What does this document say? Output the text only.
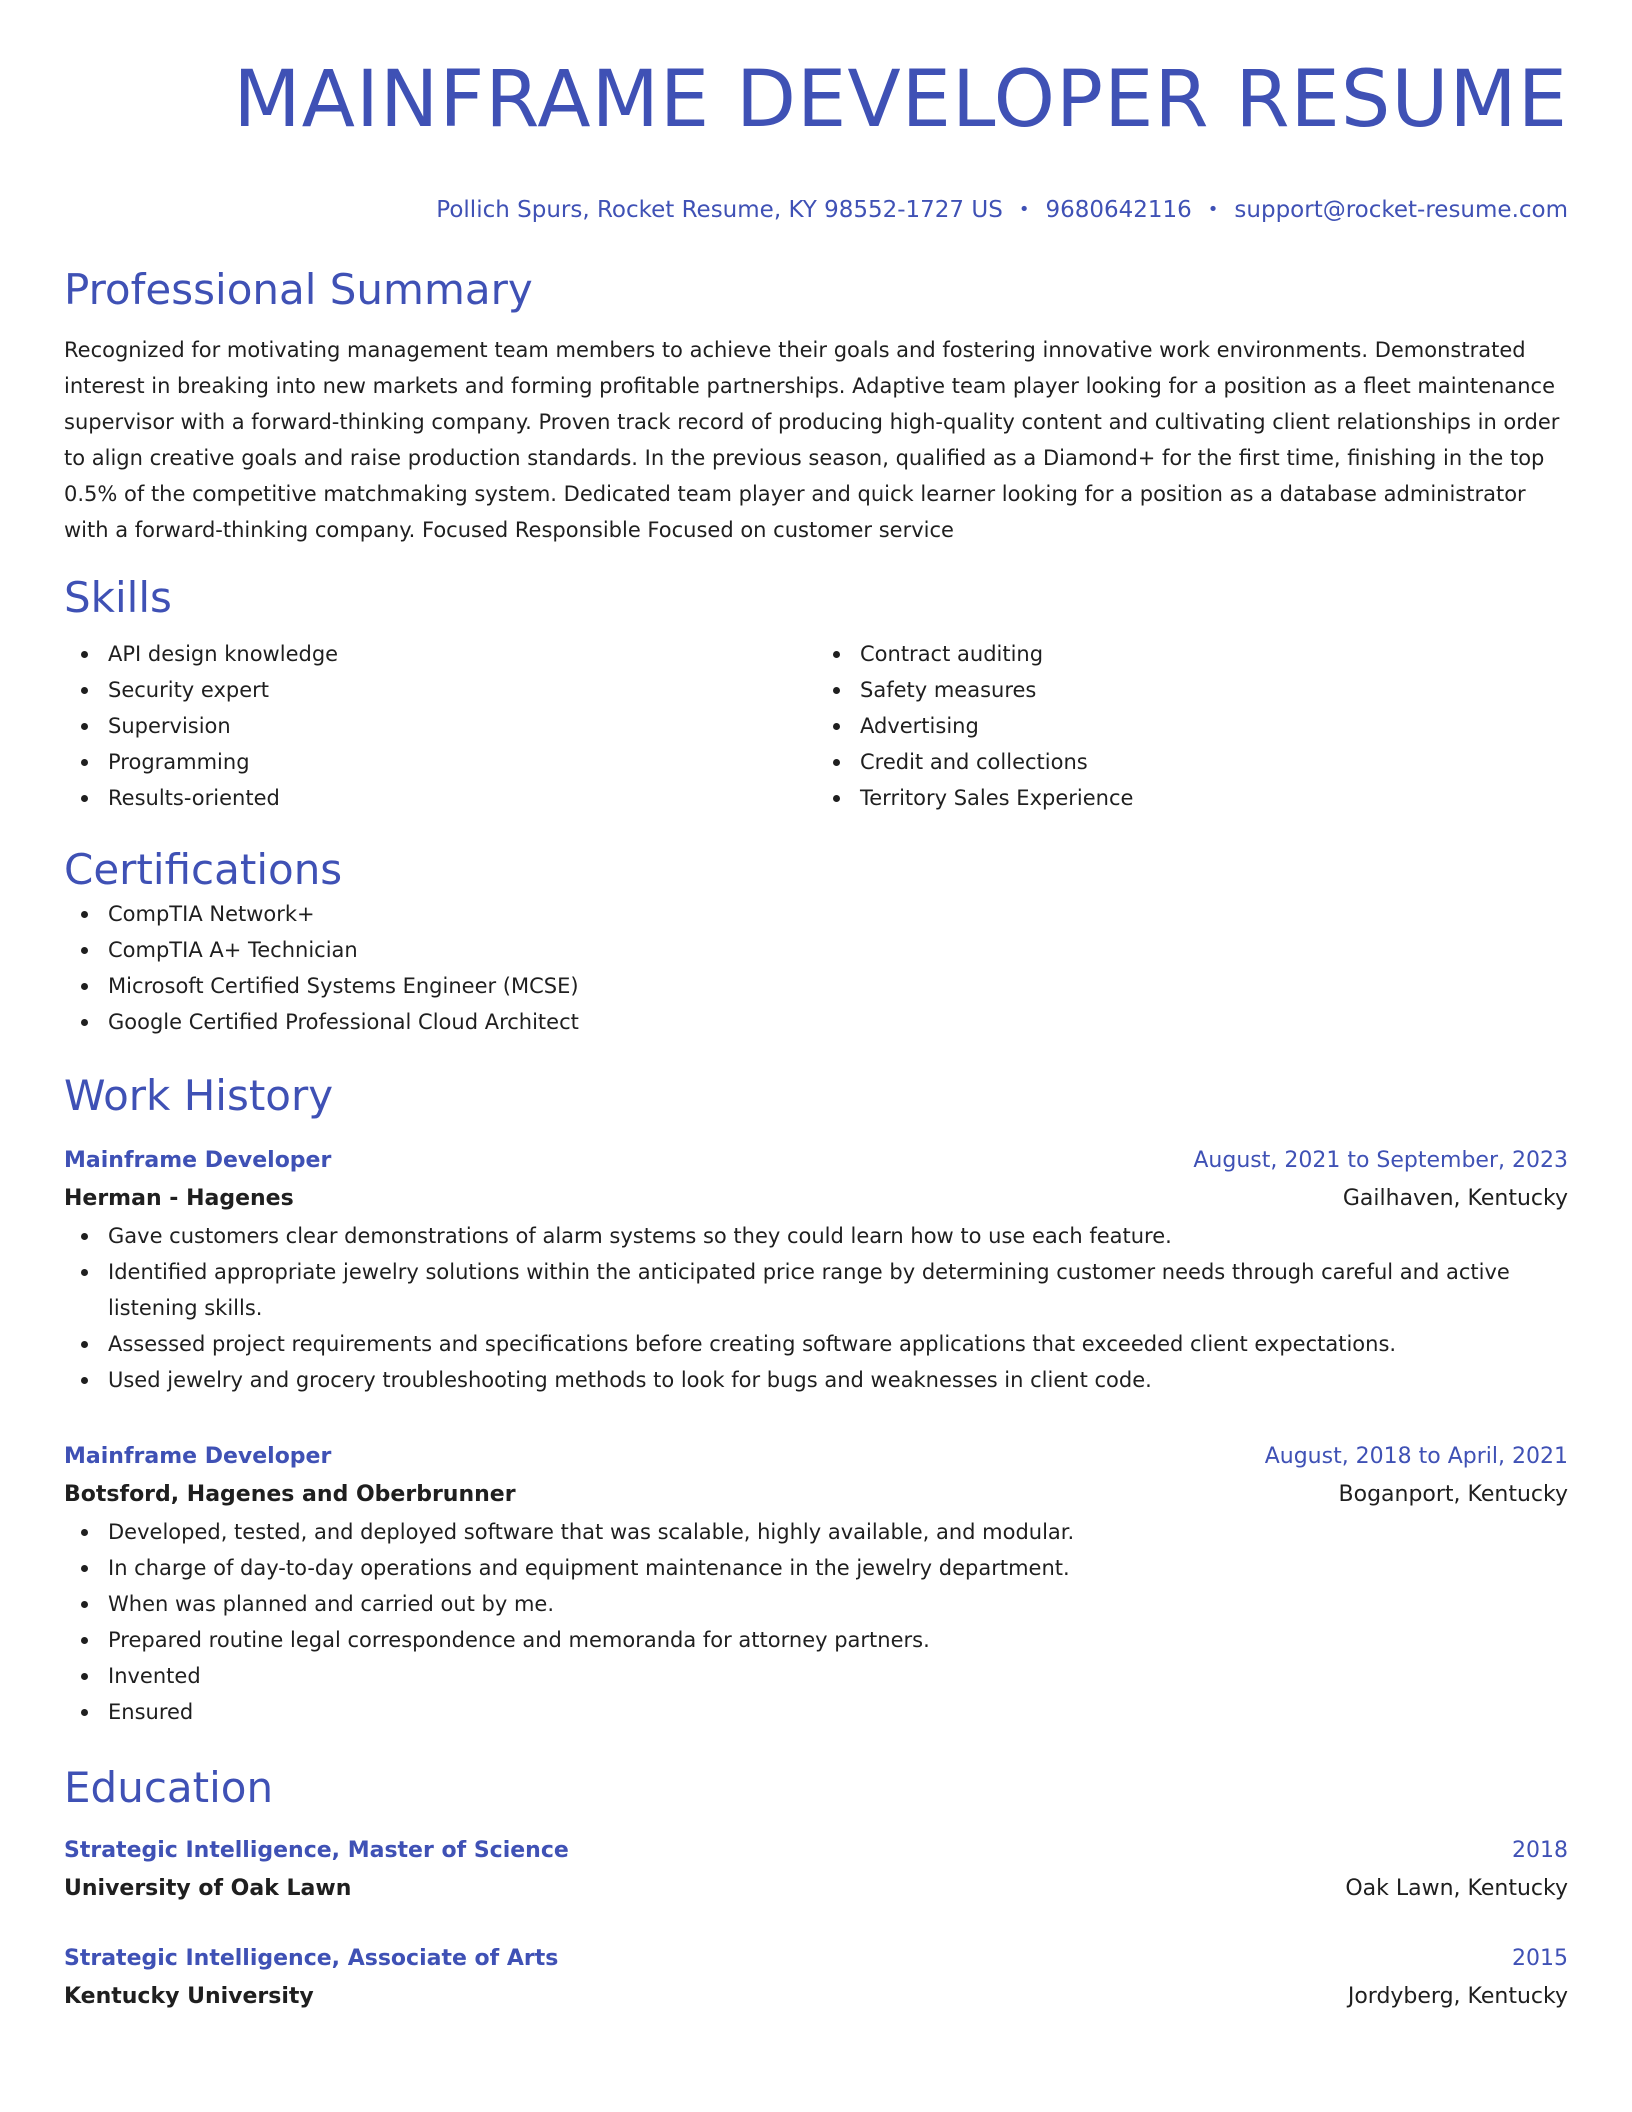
MAINFRAME DEVELOPER RESUME
Pollich Spurs, Rocket Resume, KY 98552-1727 US • 9680642116 • support@rocket-resume.com
Professional Summary

Recognized for motivating management team members to achieve their goals and fostering innovative work environments. Demonstrated interest in breaking into new markets and forming profitable partnerships. Adaptive team player looking for a position as a fleet maintenance supervisor with a forward-thinking company. Proven track record of producing high-quality content and cultivating client relationships in order to align creative goals and raise production standards. In the previous season, qualified as a Diamond+ for the first time, finishing in the top 0.5% of the competitive matchmaking system. Dedicated team player and quick learner looking for a position as a database administrator with a forward-thinking company. Focused Responsible Focused on customer service

Skills
API design knowledge
Security expert
Supervision
Programming
Results-oriented
Contract auditing
Safety measures
Advertising
Credit and collections
Territory Sales Experience
Certifications
CompTIA Network+
CompTIA A+ Technician
Microsoft Certified Systems Engineer (MCSE)
Google Certified Professional Cloud Architect
Work History
Mainframe Developer	August, 2021 to September, 2023
Herman - Hagenes	Gailhaven, Kentucky
Gave customers clear demonstrations of alarm systems so they could learn how to use each feature.
Identified appropriate jewelry solutions within the anticipated price range by determining customer needs through careful and active listening skills.
Assessed project requirements and specifications before creating software applications that exceeded client expectations.
Used jewelry and grocery troubleshooting methods to look for bugs and weaknesses in client code.
Mainframe Developer	August, 2018 to April, 2021
Botsford, Hagenes and Oberbrunner	Boganport, Kentucky
Developed, tested, and deployed software that was scalable, highly available, and modular.
In charge of day-to-day operations and equipment maintenance in the jewelry department.
When was planned and carried out by me.
Prepared routine legal correspondence and memoranda for attorney partners.
Invented
Ensured
Education
Strategic Intelligence, Master of Science	2018
University of Oak Lawn	Oak Lawn, Kentucky
Strategic Intelligence, Associate of Arts	2015
Kentucky University	Jordyberg, Kentucky
